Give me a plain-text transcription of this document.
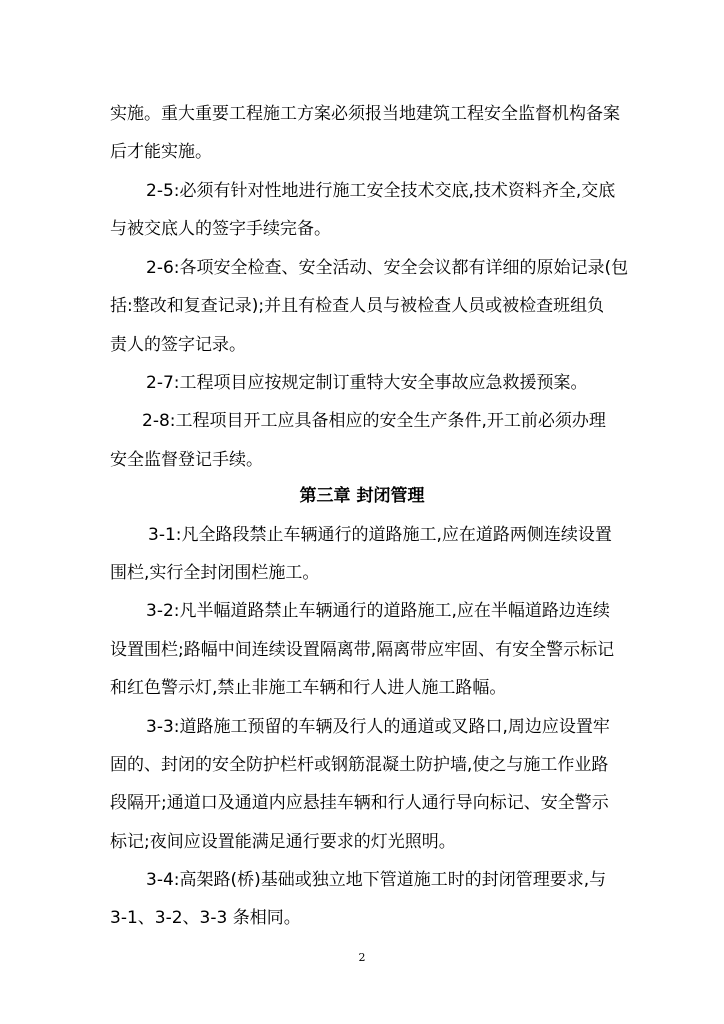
实施。重大重要工程施工方案必须报当地建筑工程安全监督机构备案
后才能实施。
2-5:必须有针对性地进行施工安全技术交底,技术资料齐全,交底
与被交底人的签字手续完备。
2-6:各项安全检查、安全活动、安全会议都有详细的原始记录(包
括:整改和复查记录);并且有检查人员与被检查人员或被检查班组负
责人的签字记录。
2-7:工程项目应按规定制订重特大安全事故应急救援预案。
2-8:工程项目开工应具备相应的安全生产条件,开工前必须办理
安全监督登记手续。
第三章 封闭管理
3-1:凡全路段禁止车辆通行的道路施工,应在道路两侧连续设置
围栏,实行全封闭围栏施工。
3-2:凡半幅道路禁止车辆通行的道路施工,应在半幅道路边连续
设置围栏;路幅中间连续设置隔离带,隔离带应牢固、有安全警示标记
和红色警示灯,禁止非施工车辆和行人进人施工路幅。
3-3:道路施工预留的车辆及行人的通道或叉路口,周边应设置牢
固的、封闭的安全防护栏杆或钢筋混凝土防护墙,使之与施工作业路
段隔开;通道口及通道内应悬挂车辆和行人通行导向标记、安全警示
标记;夜间应设置能满足通行要求的灯光照明。
3-4:高架路(桥)基础或独立地下管道施工时的封闭管理要求,与
3-1、3-2、3-3 条相同。
2
